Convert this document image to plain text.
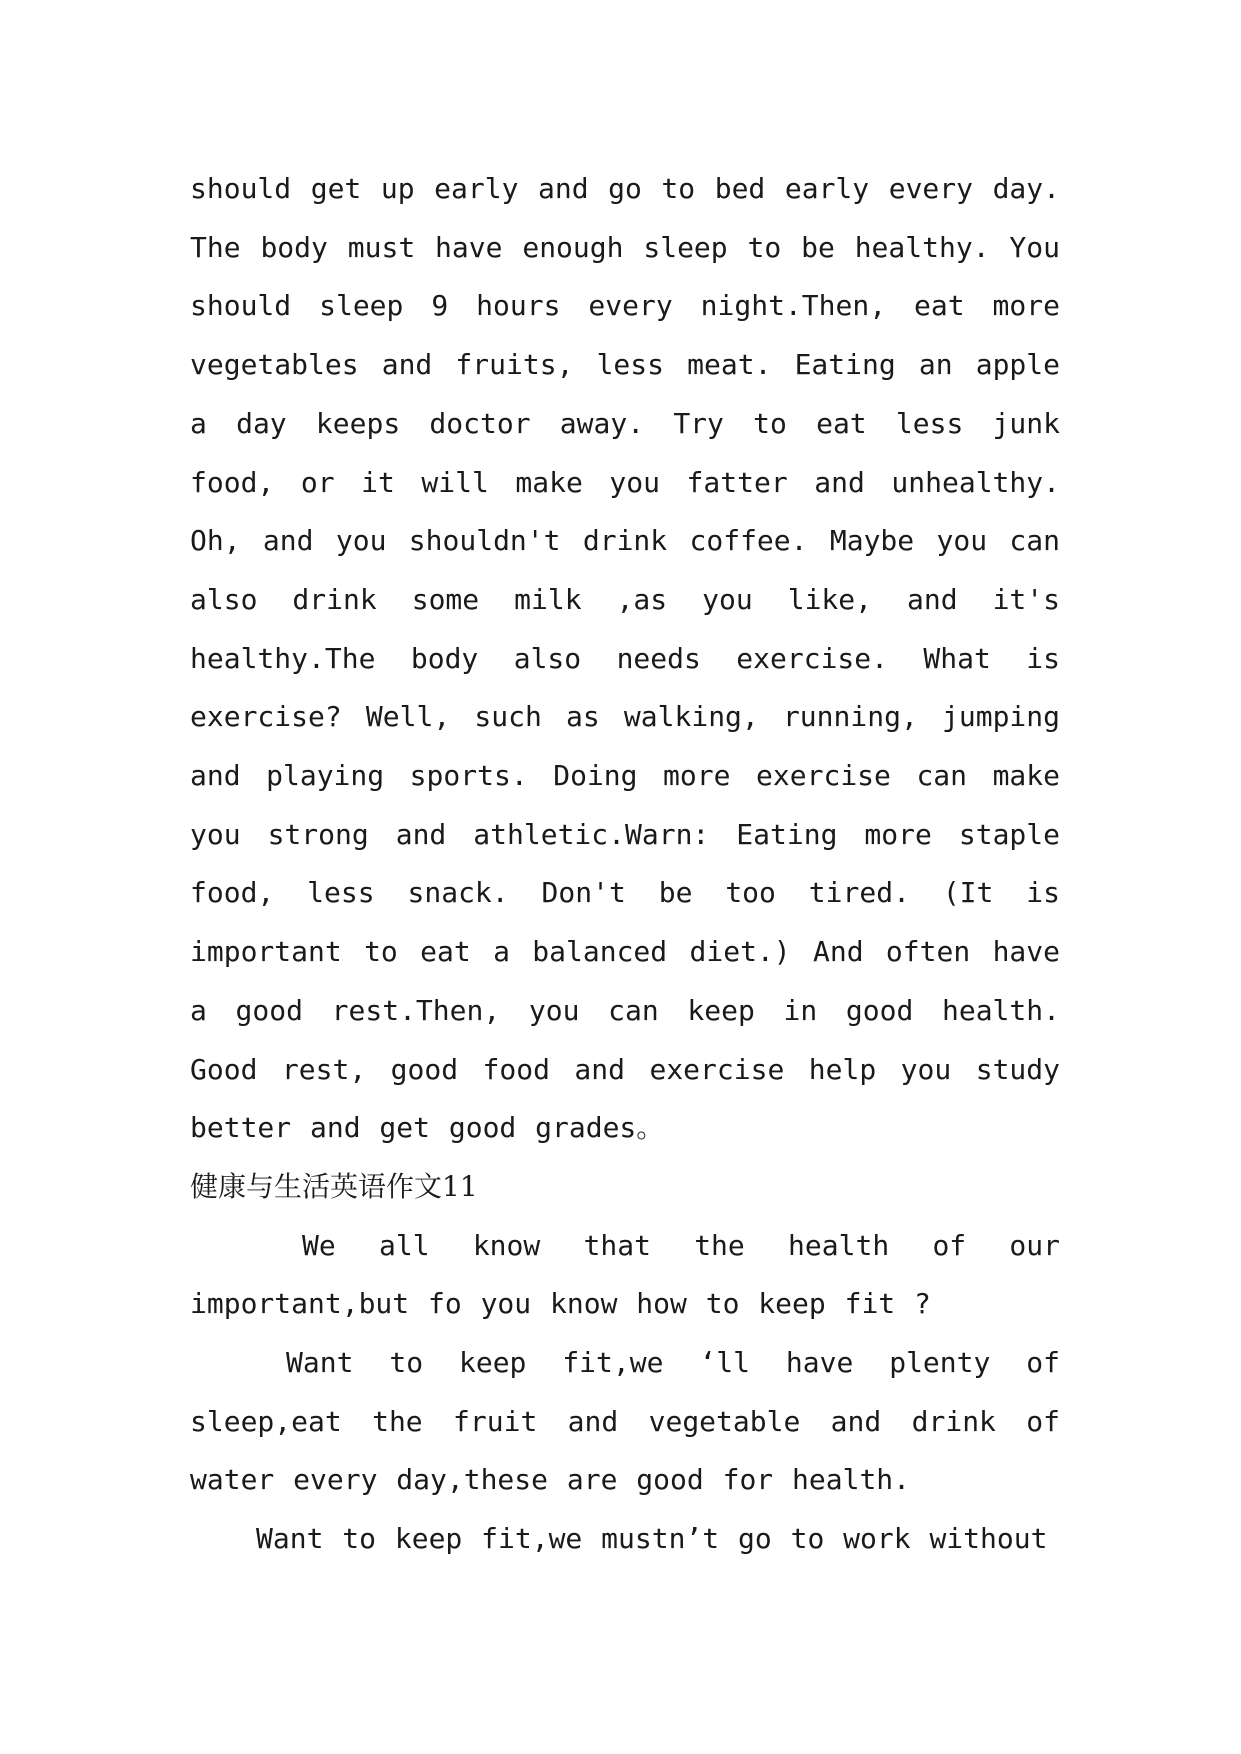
should get up early and go to bed early every day. The body must have enough sleep to be healthy. You should sleep 9 hours every night.Then, eat more vegetables and fruits, less meat. Eating an apple a day keeps doctor away. Try to eat less junk food, or it will make you fatter and unhealthy. Oh, and you shouldn't drink coffee. Maybe you can also drink some milk ,as you like, and it's healthy.The body also needs exercise. What is exercise? Well, such as walking, running, jumping and playing sports. Doing more exercise can make you strong and athletic.Warn: Eating more staple food, less snack. Don't be too tired. (It is important to eat a balanced diet.) And often have a good rest.Then, you can keep in good health. Good rest, good food and exercise help you study better and get good grades。

健康与生活英语作文11

We all know that the health of our important,but fo you know how to keep fit ?

Want to keep fit,we ‘ll have plenty of sleep,eat the fruit and vegetable and drink of water every day,these are good for health.

Want to keep fit,we mustn’t go to work without
